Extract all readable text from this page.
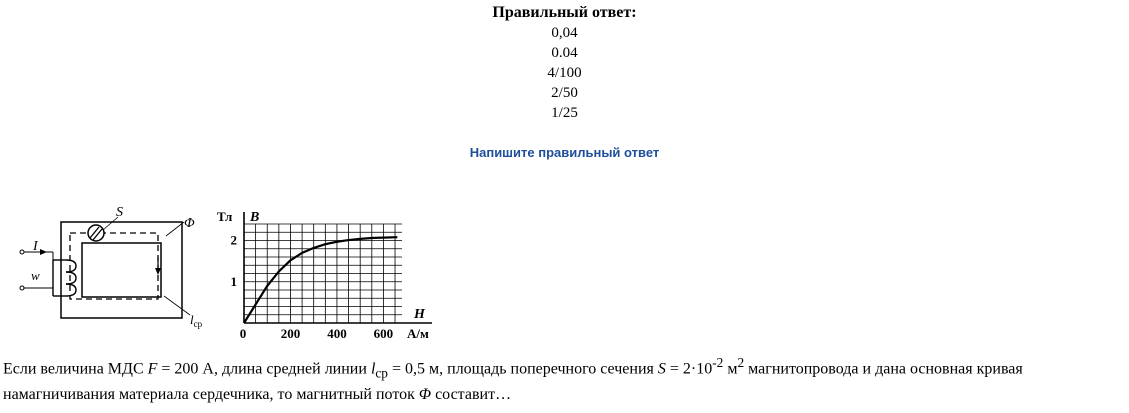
Правильный ответ:
0,04
0.04
4/100
2/50
1/25
Напишите правильный ответ
S
Φ
I
w
$l_{ср}$
200 400 600
1
2
0
Тл B
H
А/м
Если величина МДС F = 200 А, длина средней линии $l_{ср} = 0,5$ м, площадь поперечного сечения $S = 2\cdot 10^{-2}$ $м^2$ магнитопровода и дана основная кривая намагничивания материала сердечника, то магнитный поток Φ составит…
